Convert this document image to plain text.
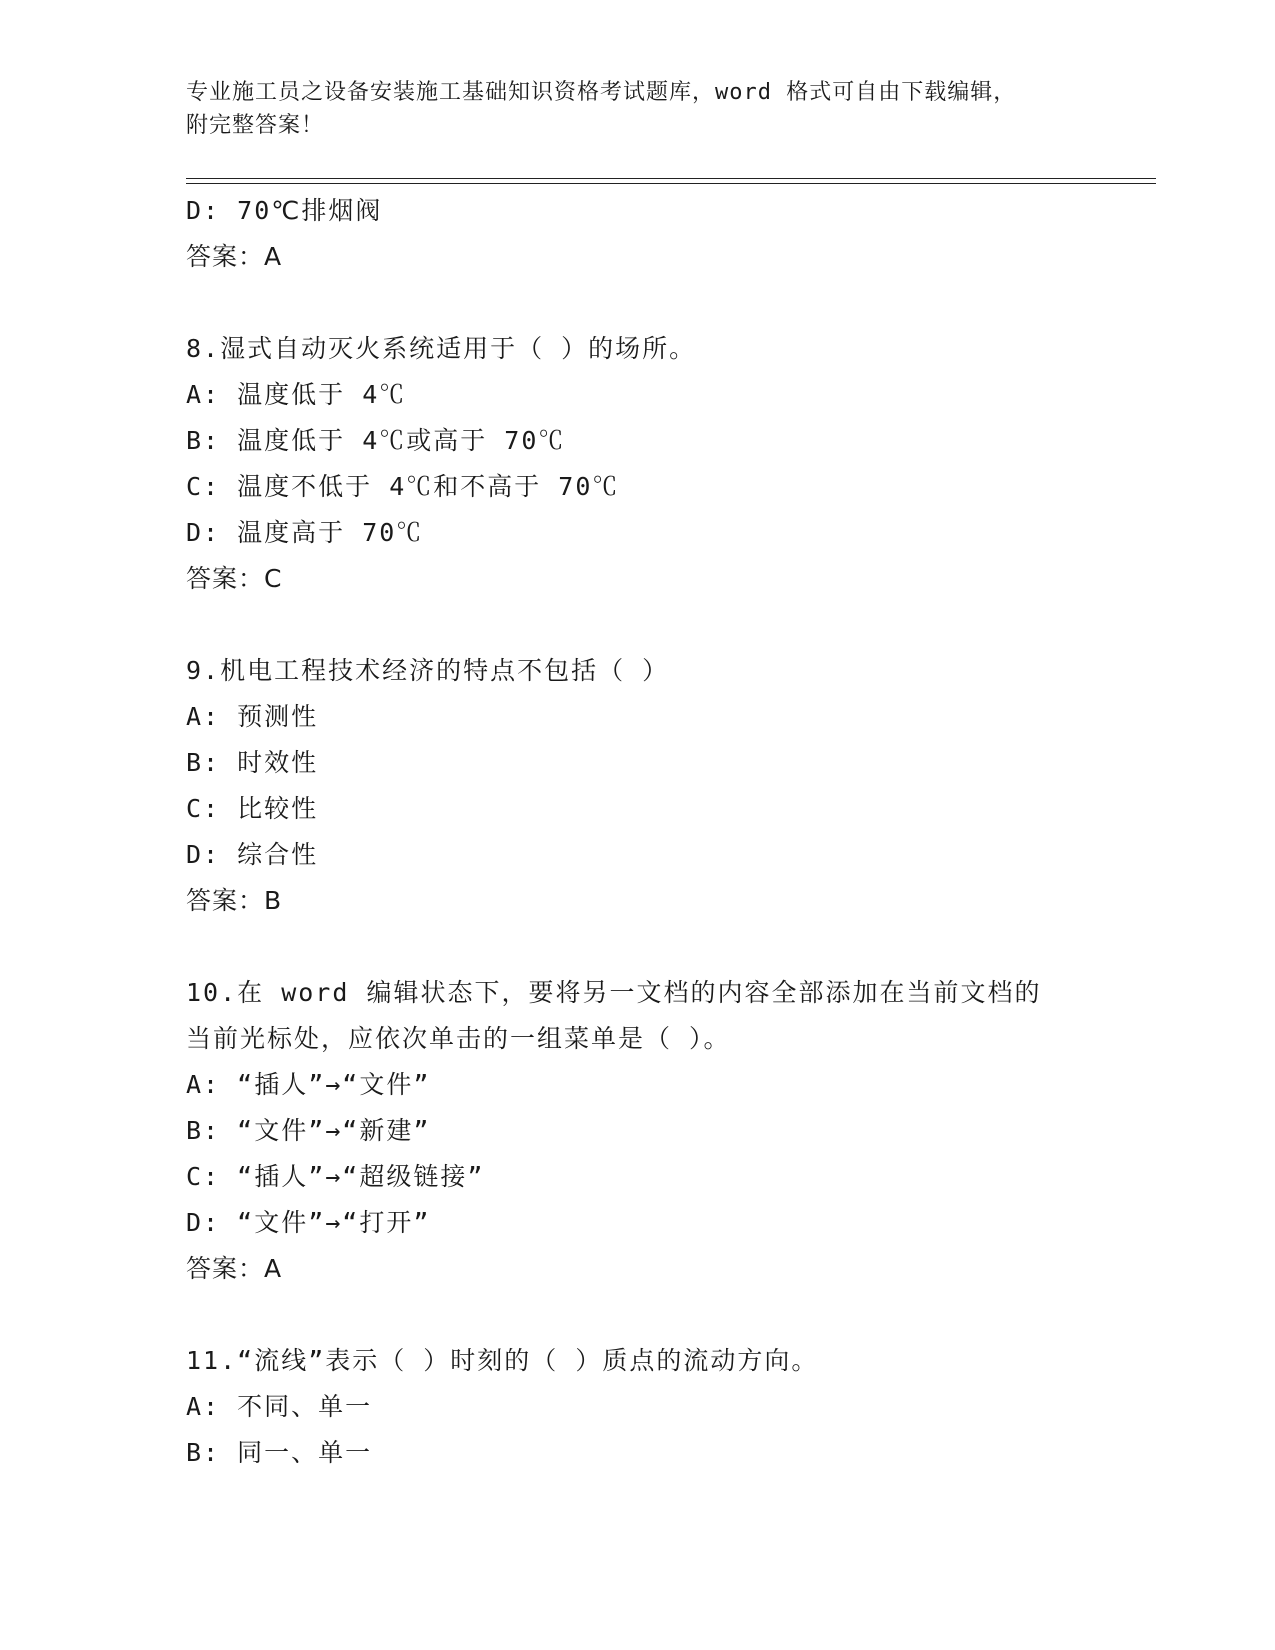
专业施工员之设备安装施工基础知识资格考试题库，word 格式可自由下载编辑，
附完整答案！
D: 70℃排烟阀
答案：A
8.湿式自动灭火系统适用于（ ）的场所。
A: 温度低于 4℃
B: 温度低于 4℃或高于 70℃
C: 温度不低于 4℃和不高于 70℃
D: 温度高于 70℃
答案：C
9.机电工程技术经济的特点不包括（ ）
A: 预测性
B: 时效性
C: 比较性
D: 综合性
答案：B
10.在 word 编辑状态下，要将另一文档的内容全部添加在当前文档的
当前光标处，应依次单击的一组菜单是（ ）。
A: “插人”→“文件”
B: “文件”→“新建”
C: “插人”→“超级链接”
D: “文件”→“打开”
答案：A
11.“流线”表示（ ）时刻的（ ）质点的流动方向。
A: 不同、单一
B: 同一、单一
